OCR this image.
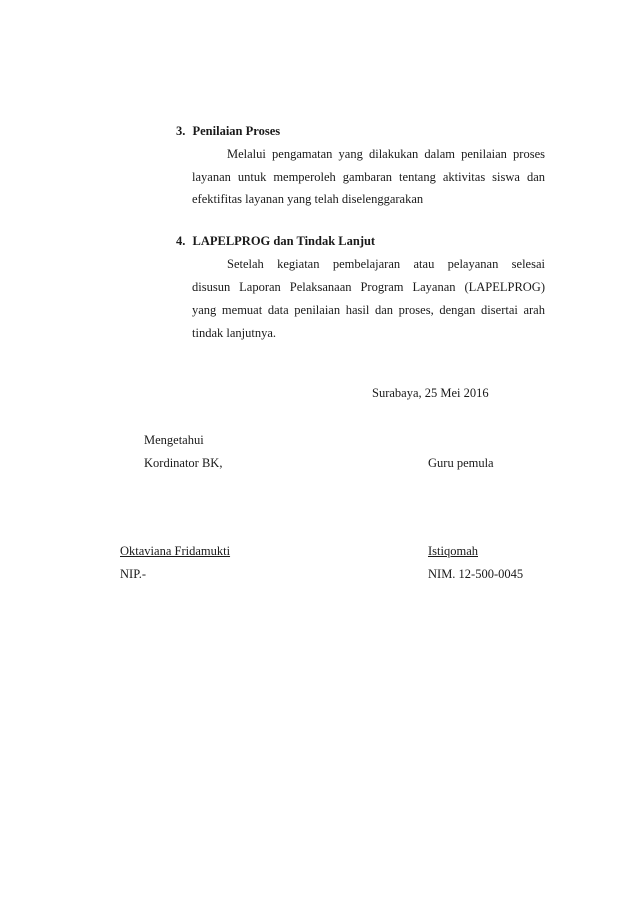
3. Penilaian Proses
Melalui pengamatan yang dilakukan dalam penilaian proses
layanan untuk memperoleh gambaran tentang aktivitas siswa dan
efektifitas layanan yang telah diselenggarakan
4. LAPELPROG dan Tindak Lanjut
Setelah kegiatan pembelajaran atau pelayanan selesai
disusun Laporan Pelaksanaan Program Layanan (LAPELPROG)
yang memuat data penilaian hasil dan proses, dengan disertai arah
tindak lanjutnya.
Surabaya, 25 Mei 2016
Mengetahui
Kordinator BK,	Guru pemula
Oktaviana Fridamukti	Istiqomah
NIP.-	NIM. 12-500-0045
